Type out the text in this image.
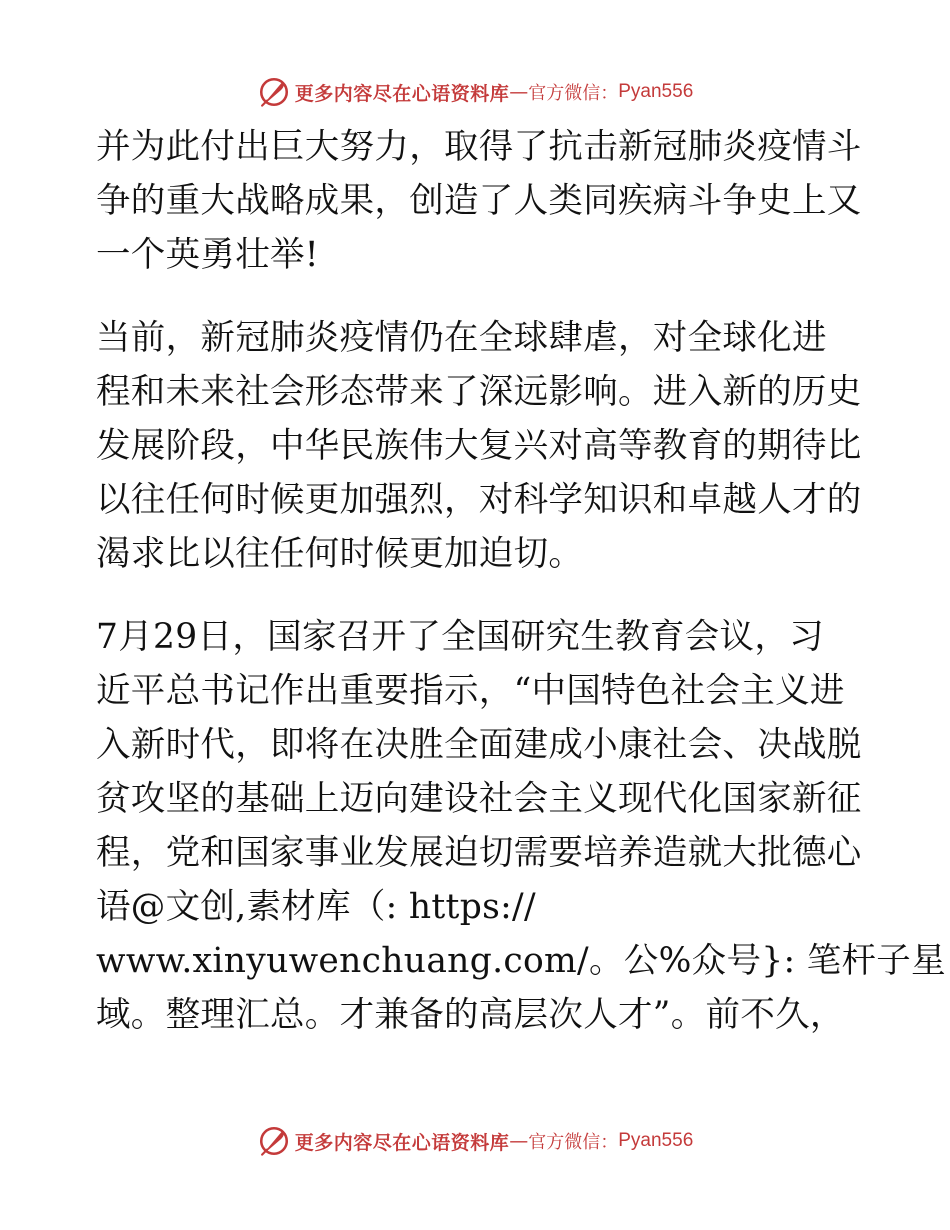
更多内容尽在心语资料库 — 官方微信： Pyan556
并为此付出巨大努力，取得了抗击新冠肺炎疫情斗
争的重大战略成果，创造了人类同疾病斗争史上又
一个英勇壮举!
当前，新冠肺炎疫情仍在全球肆虐，对全球化进
程和未来社会形态带来了深远影响。进入新的历史
发展阶段，中华民族伟大复兴对高等教育的期待比
以往任何时候更加强烈，对科学知识和卓越人才的
渴求比以往任何时候更加迫切。
7月29日，国家召开了全国研究生教育会议，习
近平总书记作出重要指示，“中国特色社会主义进
入新时代，即将在决胜全面建成小康社会、决战脱
贫攻坚的基础上迈向建设社会主义现代化国家新征
程，党和国家事业发展迫切需要培养造就大批德心
语@文创,素材库（: https://
www.xinyuwenchuang.com/。公%众号}: 笔杆子星
域。整理汇总。才兼备的高层次人才”。前不久，
更多内容尽在心语资料库 — 官方微信： Pyan556
